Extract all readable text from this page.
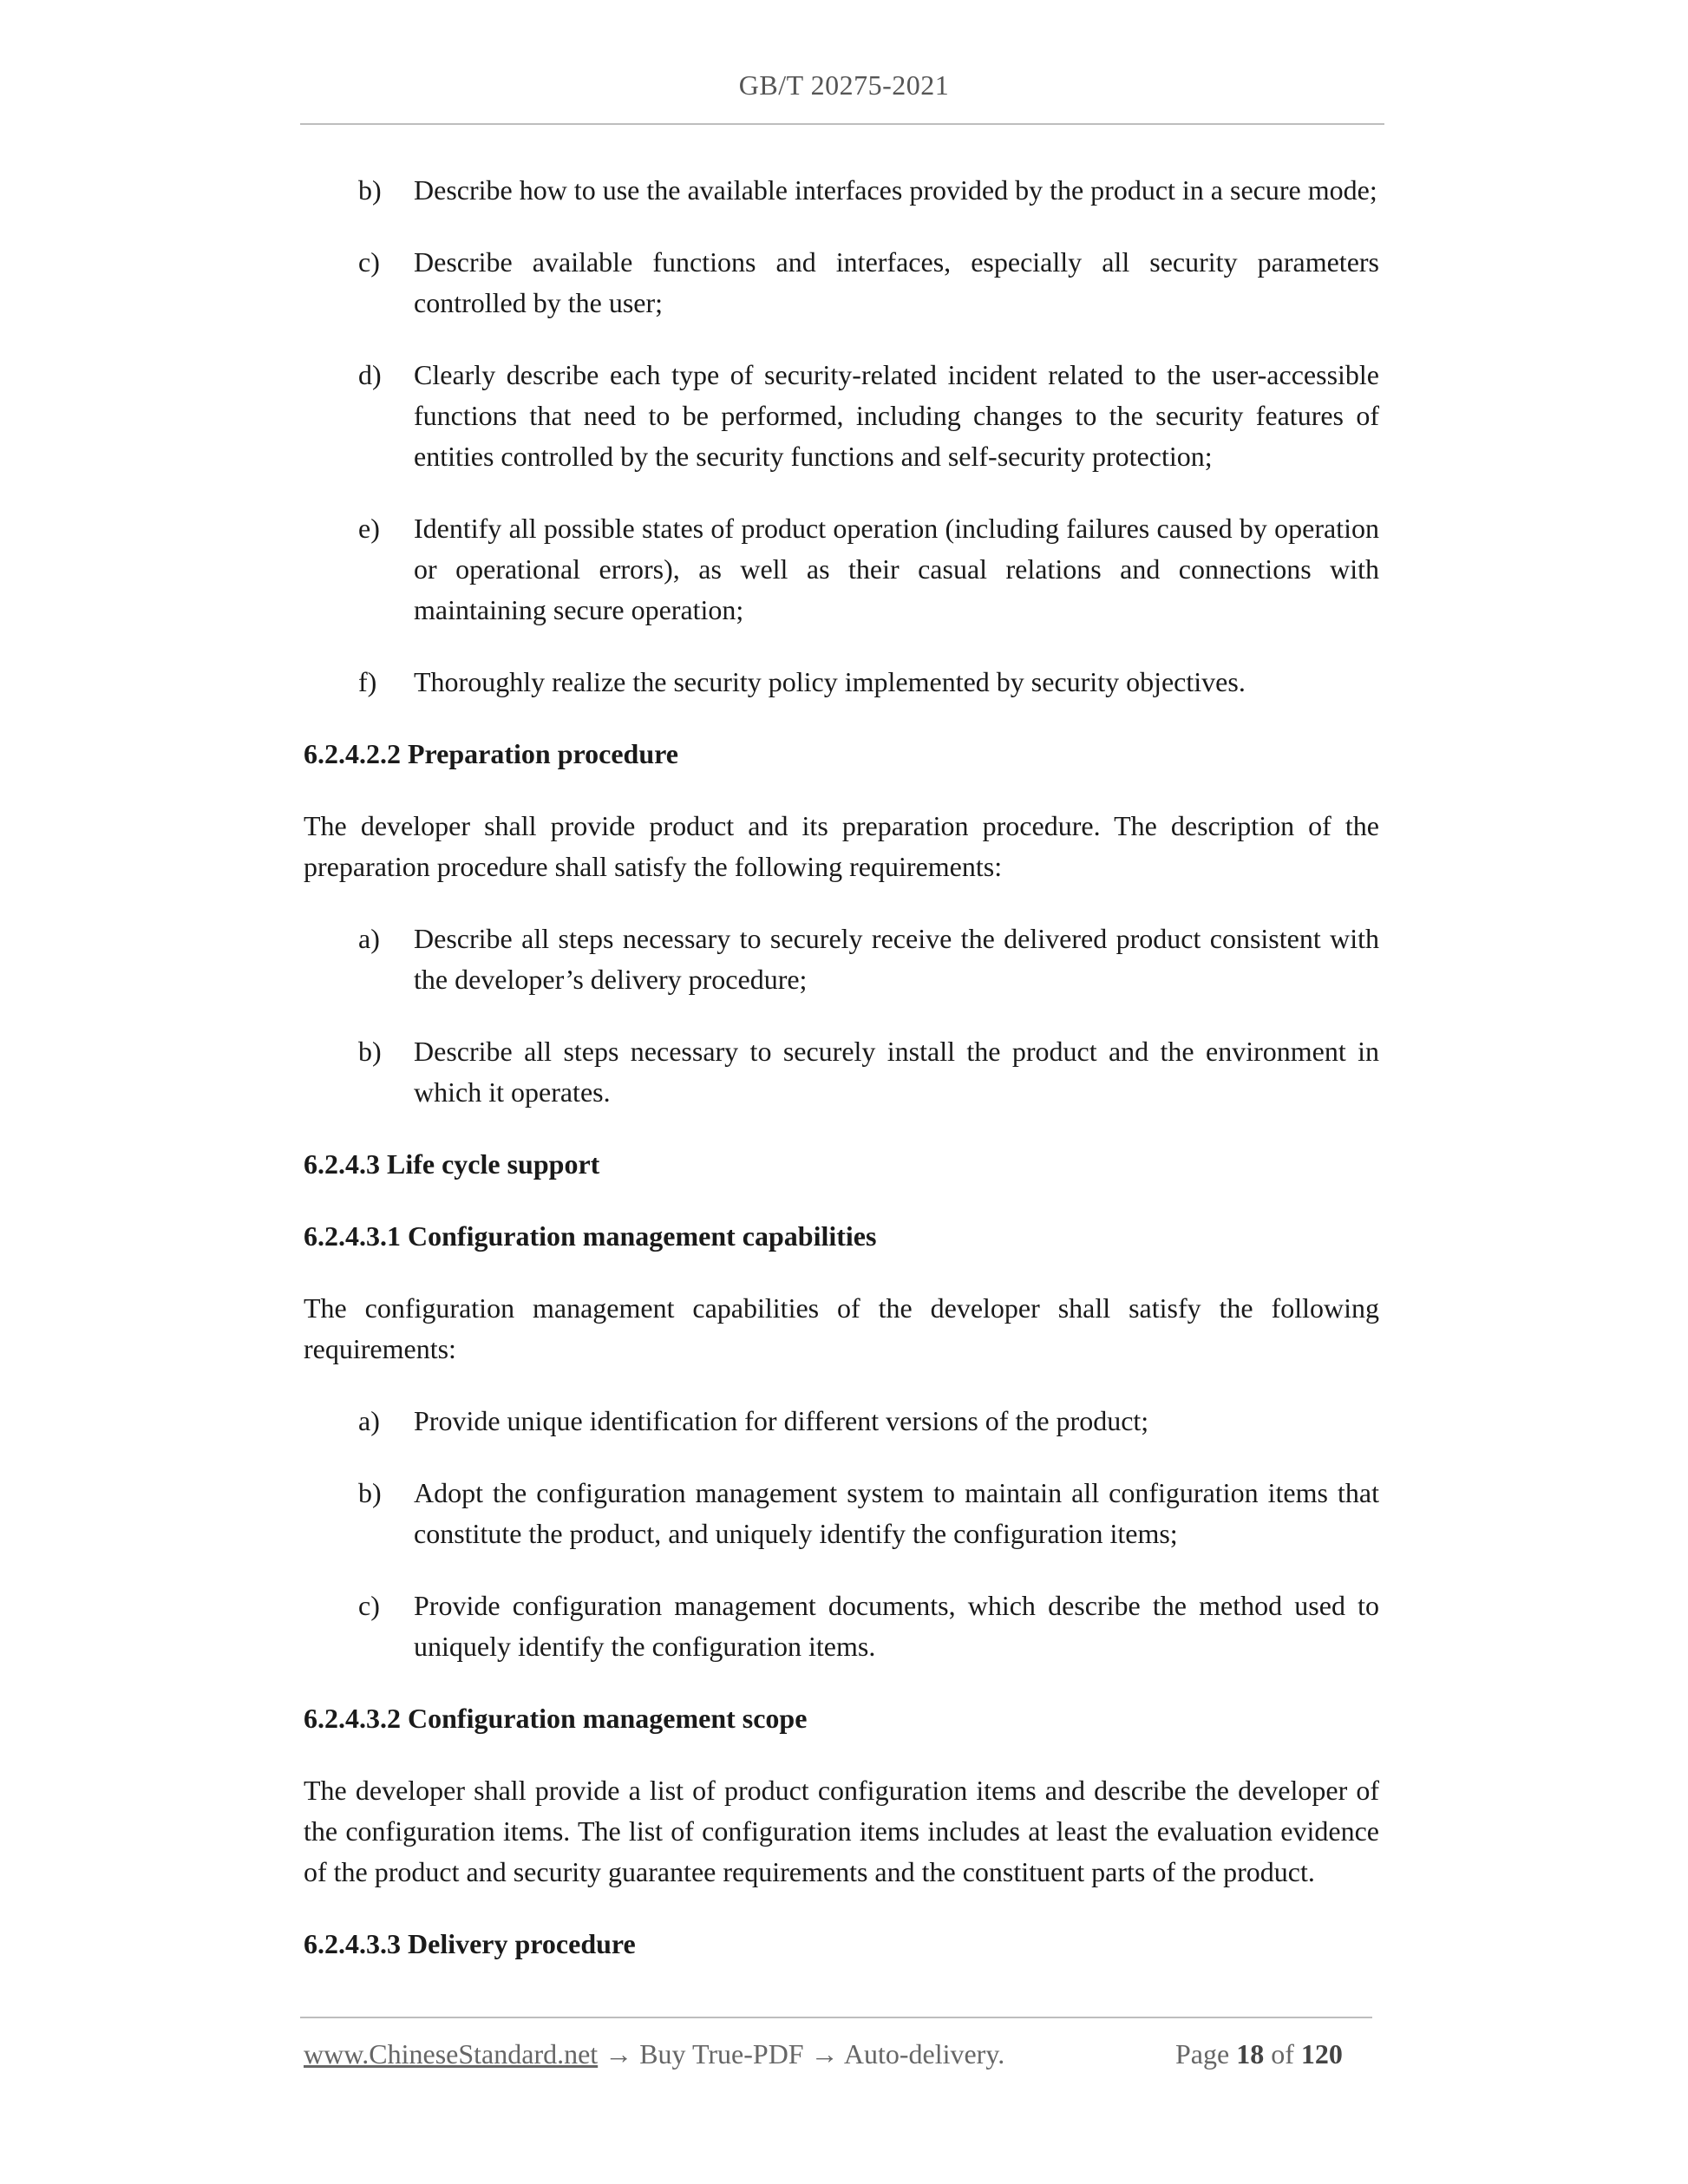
GB/T 20275-2021
b) Describe how to use the available interfaces provided by the product in a secure mode;
c) Describe available functions and interfaces, especially all security parameters controlled by the user;
d) Clearly describe each type of security-related incident related to the user-accessible functions that need to be performed, including changes to the security features of entities controlled by the security functions and self-security protection;
e) Identify all possible states of product operation (including failures caused by operation or operational errors), as well as their casual relations and connections with maintaining secure operation;
f) Thoroughly realize the security policy implemented by security objectives.
6.2.4.2.2 Preparation procedure
The developer shall provide product and its preparation procedure. The description of the preparation procedure shall satisfy the following requirements:
a) Describe all steps necessary to securely receive the delivered product consistent with the developer’s delivery procedure;
b) Describe all steps necessary to securely install the product and the environment in which it operates.
6.2.4.3 Life cycle support
6.2.4.3.1 Configuration management capabilities
The configuration management capabilities of the developer shall satisfy the following requirements:
a) Provide unique identification for different versions of the product;
b) Adopt the configuration management system to maintain all configuration items that constitute the product, and uniquely identify the configuration items;
c) Provide configuration management documents, which describe the method used to uniquely identify the configuration items.
6.2.4.3.2 Configuration management scope
The developer shall provide a list of product configuration items and describe the developer of the configuration items. The list of configuration items includes at least the evaluation evidence of the product and security guarantee requirements and the constituent parts of the product.
6.2.4.3.3 Delivery procedure
www.ChineseStandard.net → Buy True-PDF → Auto-delivery.	Page 18 of 120
